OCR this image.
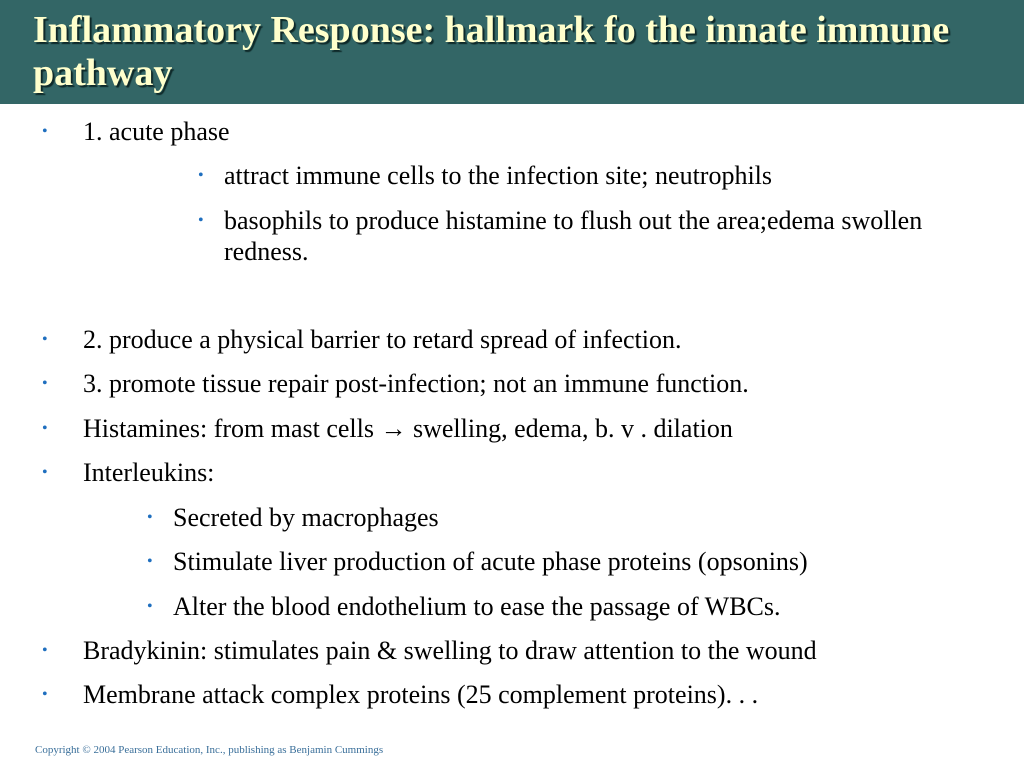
Inflammatory Response: hallmark fo the innate immune pathway
• 1. acute phase
• attract immune cells to the infection site; neutrophils
• basophils to produce histamine to flush out the area;edema swollen redness.
• 2. produce a physical barrier to retard spread of infection.
• 3. promote tissue repair post-infection; not an immune function.
• Histamines: from mast cells → swelling, edema, b. v . dilation
• Interleukins:
• Secreted by macrophages
• Stimulate liver production of acute phase proteins (opsonins)
• Alter the blood endothelium to ease the passage of WBCs.
• Bradykinin: stimulates pain & swelling to draw attention to the wound
• Membrane attack complex proteins (25 complement proteins). . .
Copyright © 2004 Pearson Education, Inc., publishing as Benjamin Cummings
